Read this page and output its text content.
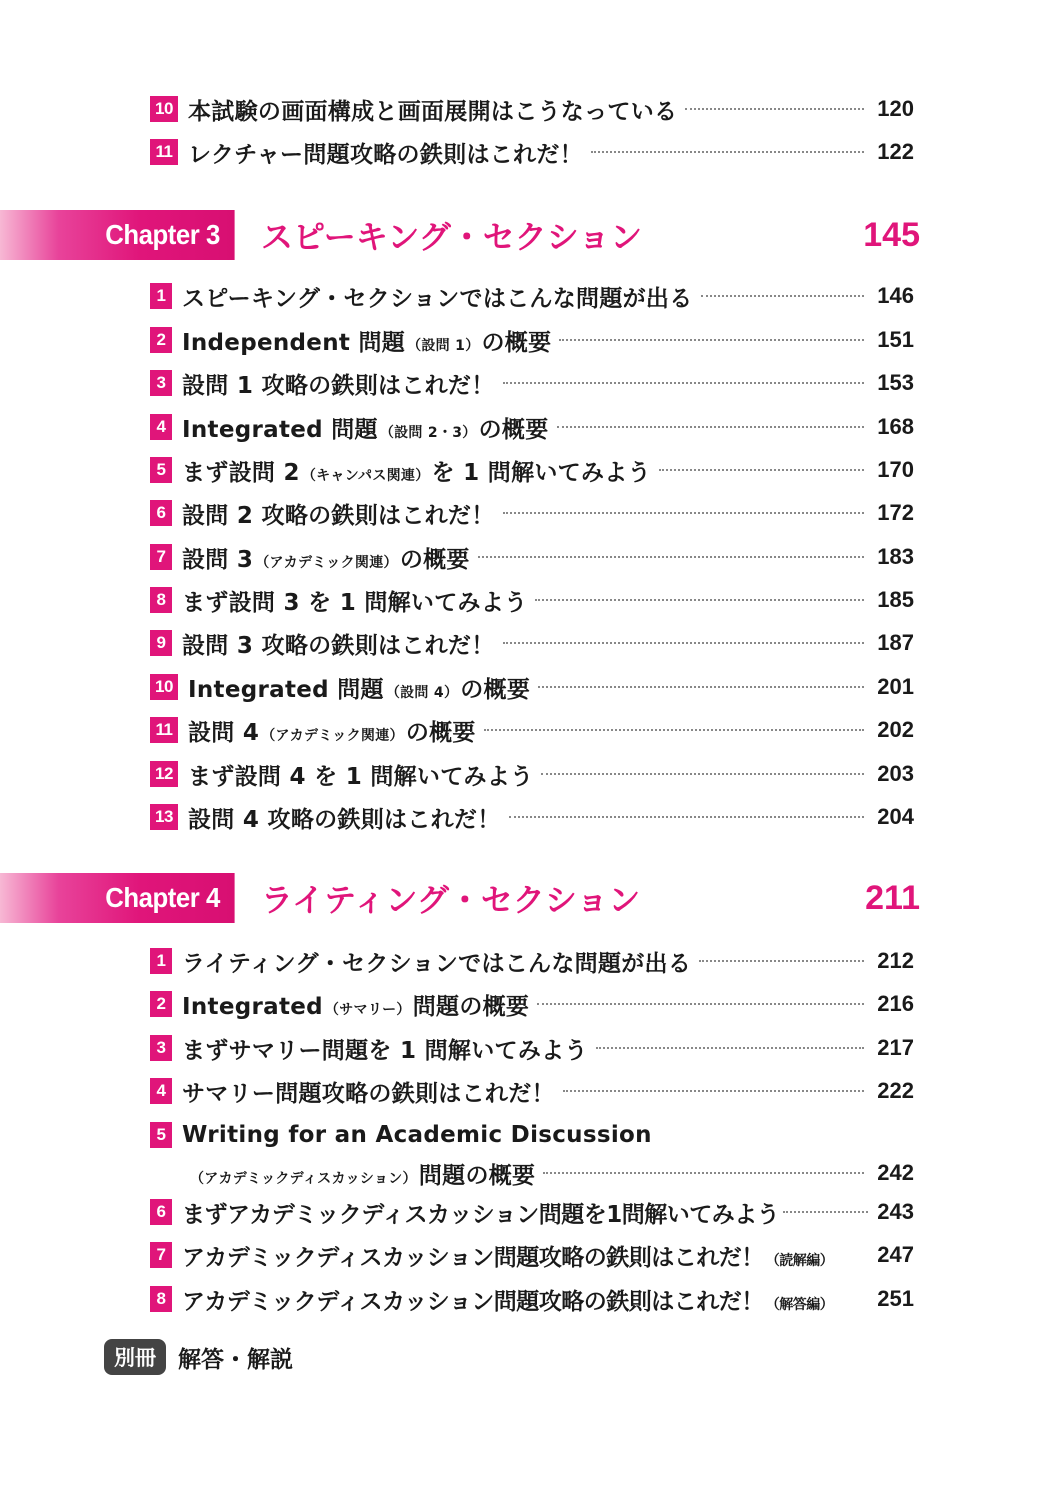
10 本試験の画面構成と画面展開はこうなっている	120
11 レクチャー問題攻略の鉄則はこれだ！	122
Chapter 3	スピーキング・セクション	145
1 スピーキング・セクションではこんな問題が出る	146
2 Independent 問題 （設問 1）の概要	151
3 設問 1 攻略の鉄則はこれだ！	153
4 Integrated 問題 （設問 2・3）の概要	168
5 まず設問 2 （キャンパス関連）を 1 問解いてみよう	170
6 設問 2 攻略の鉄則はこれだ！	172
7 設問 3 （アカデミック関連）の概要	183
8 まず設問 3 を 1 問解いてみよう	185
9 設問 3 攻略の鉄則はこれだ！	187
10 Integrated 問題 （設問 4）の概要	201
11 設問 4 （アカデミック関連）の概要	202
12 まず設問 4 を 1 問解いてみよう	203
13 設問 4 攻略の鉄則はこれだ！	204
Chapter 4	ライティング・セクション	211
1 ライティング・セクションではこんな問題が出る	212
2 Integrated （サマリー）問題の概要	216
3 まずサマリー問題を 1 問解いてみよう	217
4 サマリー問題攻略の鉄則はこれだ！	222
5 Writing for an Academic Discussion
（アカデミックディスカッション）問題の概要	242
6 まずアカデミックディスカッション問題を1問解いてみよう	243
7 アカデミックディスカッション問題攻略の鉄則はこれだ！ （読解編） 247
8 アカデミックディスカッション問題攻略の鉄則はこれだ！ （解答編） 251
別冊 解答・解説
